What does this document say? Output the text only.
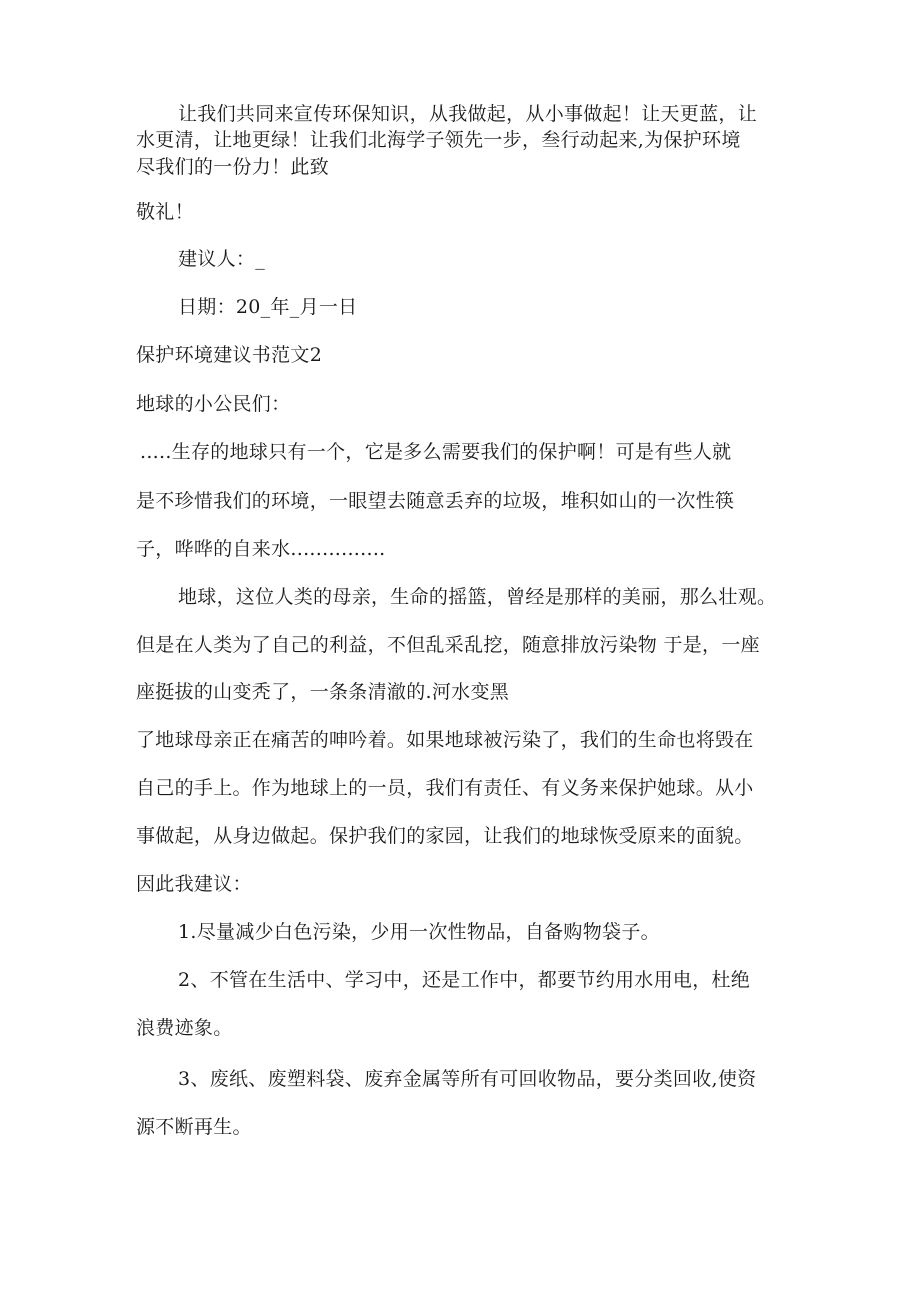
让我们共同来宣传环保知识，从我做起，从小事做起！让天更蓝，让
水更清，让地更绿！让我们北海学子领先一步，叁行动起来,为保护环境
尽我们的一份力！此致
敬礼！
建议人：_
日期：20_年_月一日
保护环境建议书范文2
地球的小公民们：
.....生存的地球只有一个，它是多么需要我们的保护啊！可是有些人就
是不珍惜我们的环境，一眼望去随意丢弃的垃圾，堆积如山的一次性筷
子，哗哗的自来水...............
地球，这位人类的母亲，生命的摇篮，曾经是那样的美丽，那么壮观。
但是在人类为了自己的利益，不但乱采乱挖，随意排放污染物 于是，一座
座挺拔的山变秃了，一条条清澈的.河水变黑
了地球母亲正在痛苦的呻吟着。如果地球被污染了，我们的生命也将毁在
自己的手上。作为地球上的一员，我们有责任、有义务来保护她球。从小
事做起，从身边做起。保护我们的家园，让我们的地球恢受原来的面貌。
因此我建议：
1.尽量减少白色污染，少用一次性物品，自备购物袋子。
2、不管在生活中、学习中，还是工作中，都要节约用水用电，杜绝
浪费迹象。
3、废纸、废塑料袋、废弃金属等所有可回收物品，要分类回收,使资
源不断再生。
